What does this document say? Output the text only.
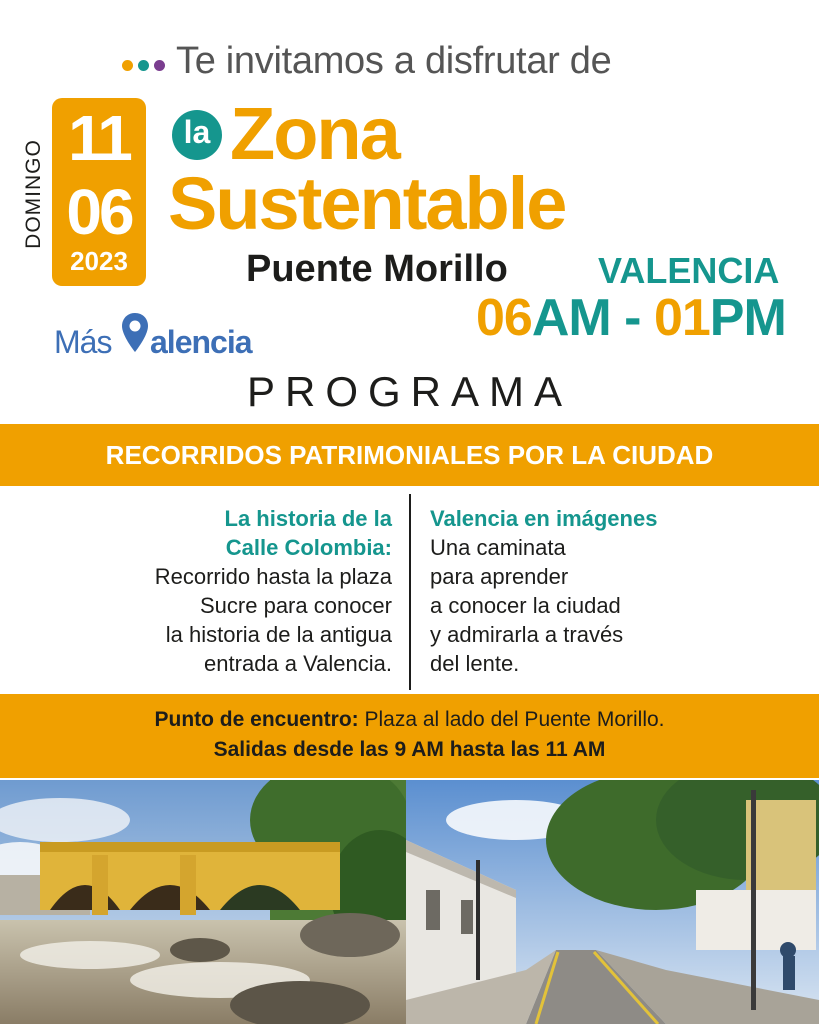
Te invitamos a disfrutar de
DOMINGO
11
06
2023
la Zona
Sustentable
Puente Morillo	VALENCIA
06AM - 01PM
Más alencia
PROGRAMA
RECORRIDOS PATRIMONIALES POR LA CIUDAD
La historia de la
Calle Colombia:
Recorrido hasta la plaza
Sucre para conocer
la historia de la antigua
entrada a Valencia.
Valencia en imágenes
Una caminata
para aprender
a conocer la ciudad
y admirarla a través
del lente.
Punto de encuentro: Plaza al lado del Puente Morillo.
Salidas desde las 9 AM hasta las 11 AM
